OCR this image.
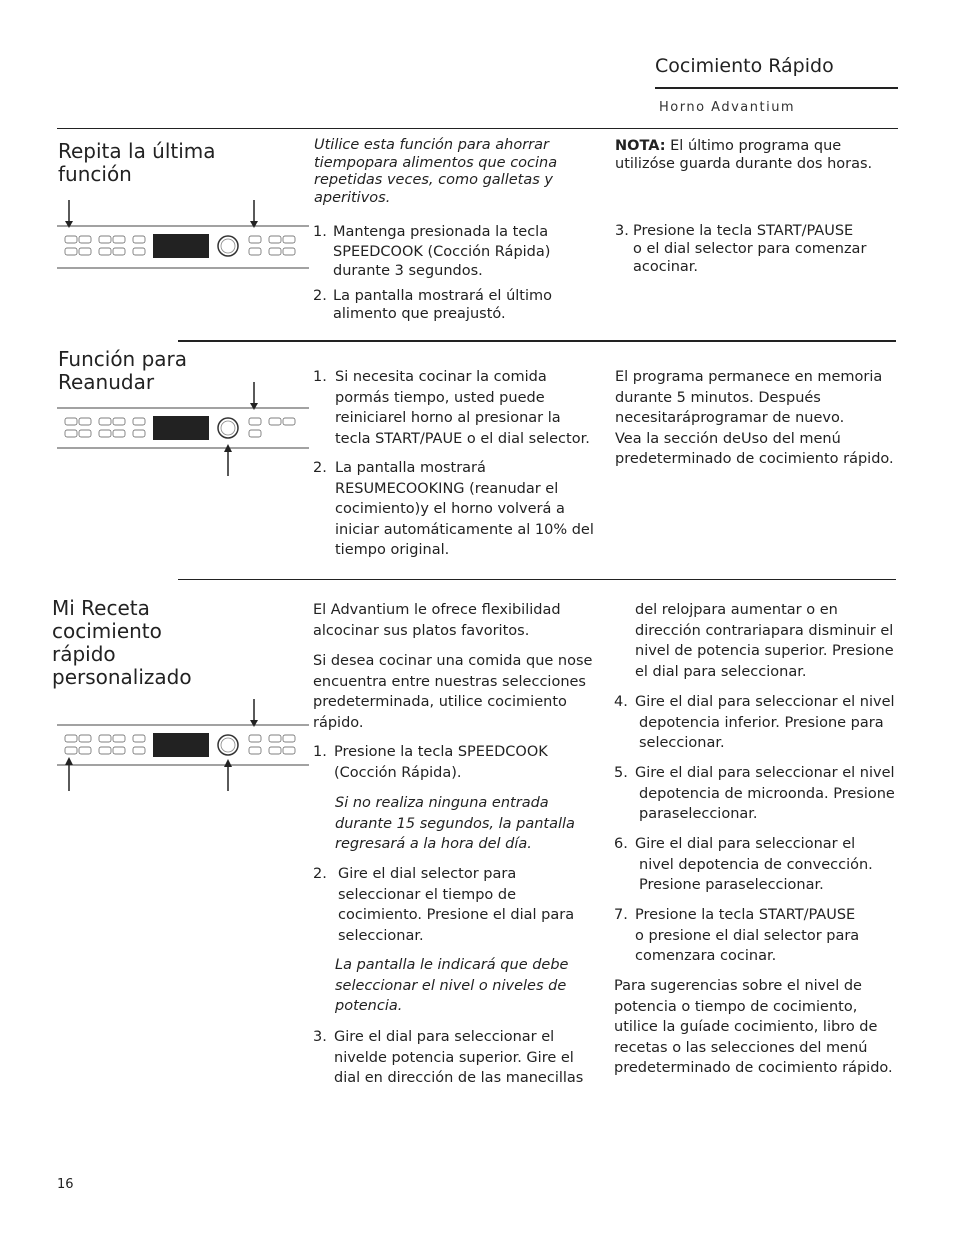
Cocimiento Rápido
Horno Advantium
Repita la última
función
Utilice esta función para ahorrar
tiempopara alimentos que cocina
repetidas veces, como galletas y
aperitivos.
1. Mantenga presionada la tecla
SPEEDCOOK (Cocción Rápida)
durante 3 segundos.
2. La pantalla mostrará el último
alimento que preajustó.
NOTA: El último programa que
utilizóse guarda durante dos horas.
3. Presione la tecla START/PAUSE
o el dial selector para comenzar
acocinar.
Función para
Reanudar	1. Si necesita cocinar la comida
pormás tiempo, usted puede
reiniciarel horno al presionar la
tecla START/PAUE o el dial selector.
2. La pantalla mostrará
RESUMECOOKING (reanudar el
cocimiento)y el horno volverá a
iniciar automáticamente al 10% del
tiempo original.
El programa permanece en memoria
durante 5 minutos. Después
necesitaráprogramar de nuevo.
Vea la sección deUso del menú
predeterminado de cocimiento rápido.
Mi Receta
cocimiento
rápido
personalizado
El Advantium le ofrece flexibilidad
alcocinar sus platos favoritos.
Si desea cocinar una comida que nose
encuentra entre nuestras selecciones
predeterminada, utilice cocimiento
rápido.
1. Presione la tecla SPEEDCOOK
(Cocción Rápida).
Si no realiza ninguna entrada
durante 15 segundos, la pantalla
regresará a la hora del día.
2. Gire el dial selector para
seleccionar el tiempo de
cocimiento. Presione el dial para
seleccionar.
La pantalla le indicará que debe
seleccionar el nivel o niveles de
potencia.
3. Gire el dial para seleccionar el
nivelde potencia superior. Gire el
dial en dirección de las manecillas
del relojpara aumentar o en
dirección contrariapara disminuir el
nivel de potencia superior. Presione
el dial para seleccionar.
4. Gire el dial para seleccionar el nivel
depotencia inferior. Presione para
seleccionar.
5. Gire el dial para seleccionar el nivel
depotencia de microonda. Presione
paraseleccionar.
6. Gire el dial para seleccionar el
nivel depotencia de convección.
Presione paraseleccionar.
7. Presione la tecla START/PAUSE
o presione el dial selector para
comenzara cocinar.
Para sugerencias sobre el nivel de
potencia o tiempo de cocimiento,
utilice la guíade cocimiento, libro de
recetas o las selecciones del menú
predeterminado de cocimiento rápido.
16
